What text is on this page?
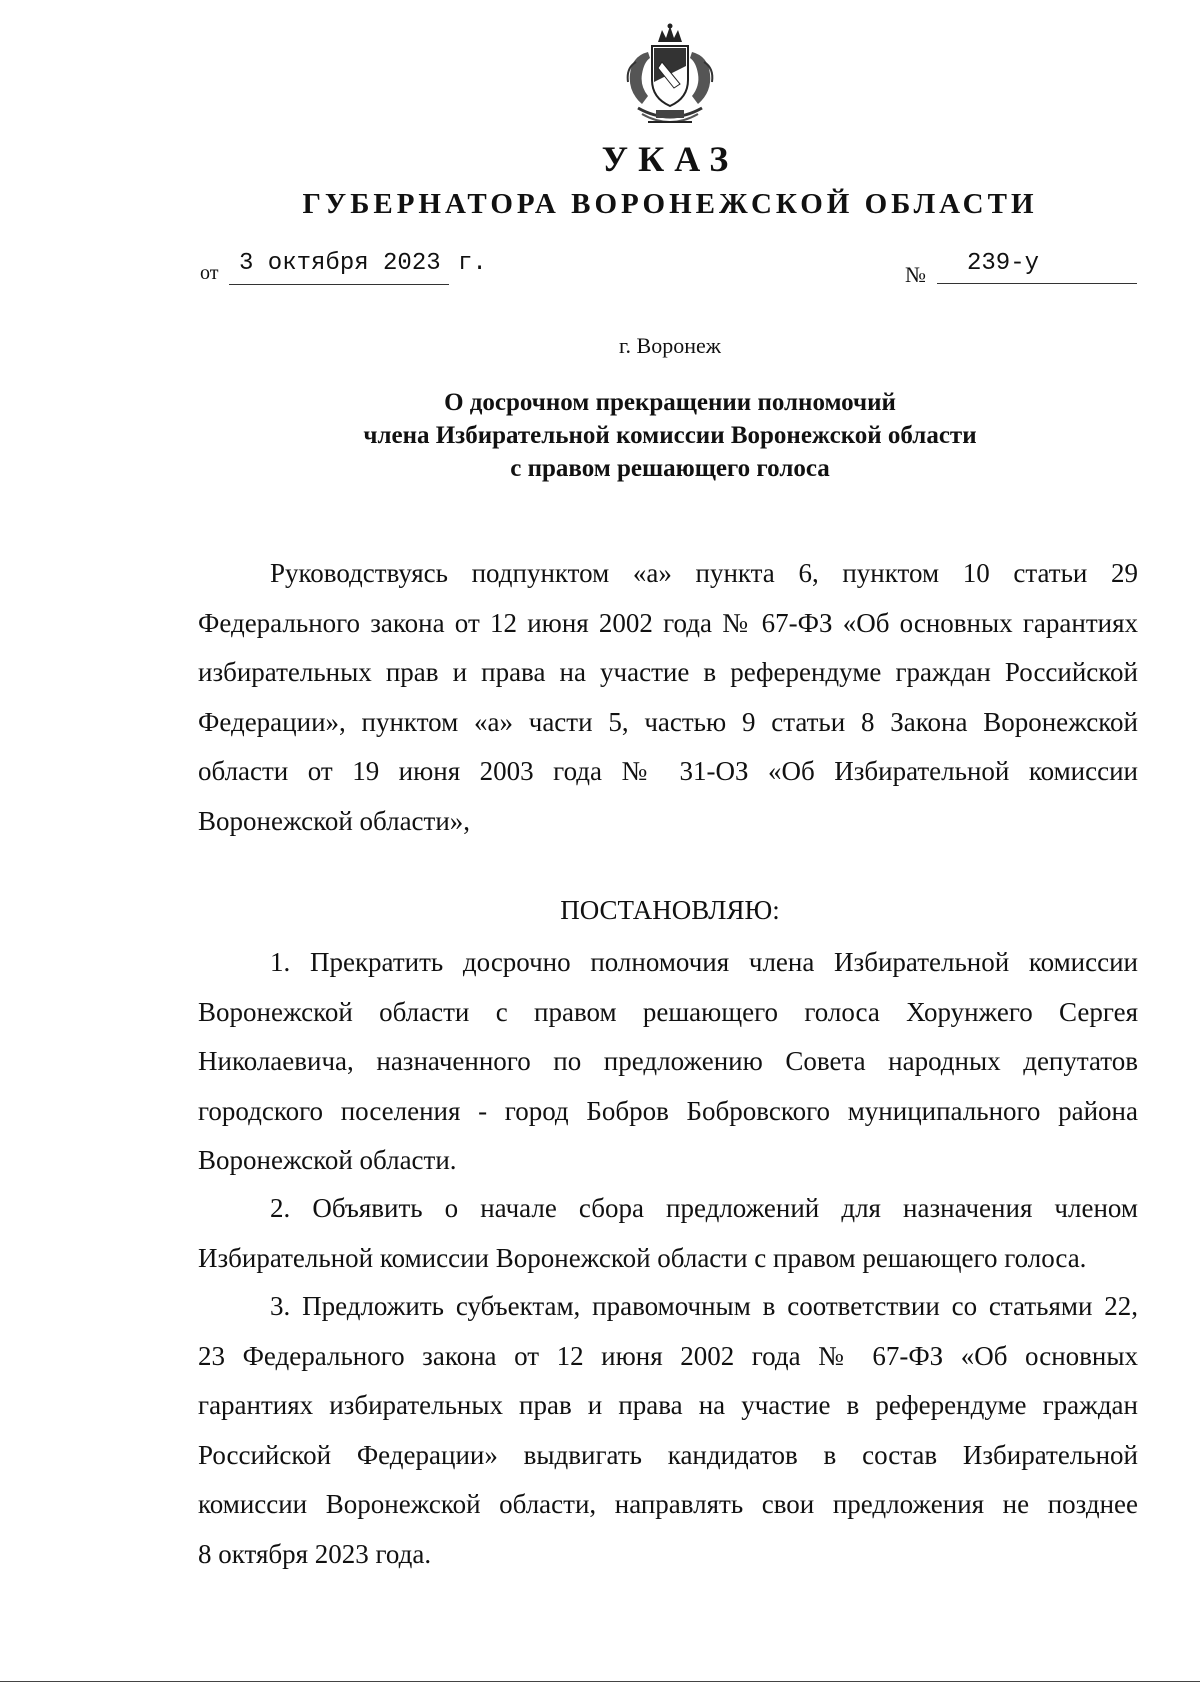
УКАЗ
ГУБЕРНАТОРА ВОРОНЕЖСКОЙ ОБЛАСТИ
от 3 октября 2023 г.	№	239-у
г. Воронеж
О досрочном прекращении полномочий
члена Избирательной комиссии Воронежской области
с правом решающего голоса
Руководствуясь подпунктом «а» пункта 6, пунктом 10 статьи 29
Федерального закона от 12 июня 2002 года № 67-ФЗ «Об основных гарантиях
избирательных прав и права на участие в референдуме граждан Российской
Федерации», пунктом «а» части 5, частью 9 статьи 8 Закона Воронежской
области от 19 июня 2003 года № 31-ОЗ «Об Избирательной комиссии
Воронежской области»,
ПОСТАНОВЛЯЮ:
1. Прекратить досрочно полномочия члена Избирательной комиссии
Воронежской области с правом решающего голоса Хорунжего Сергея
Николаевича, назначенного по предложению Совета народных депутатов
городского поселения - город Бобров Бобровского муниципального района
Воронежской области.
2. Объявить о начале сбора предложений для назначения членом
Избирательной комиссии Воронежской области с правом решающего голоса.
3. Предложить субъектам, правомочным в соответствии со статьями 22,
23 Федерального закона от 12 июня 2002 года № 67-ФЗ «Об основных
гарантиях избирательных прав и права на участие в референдуме граждан
Российской Федерации» выдвигать кандидатов в состав Избирательной
комиссии Воронежской области, направлять свои предложения не позднее
8 октября 2023 года.
